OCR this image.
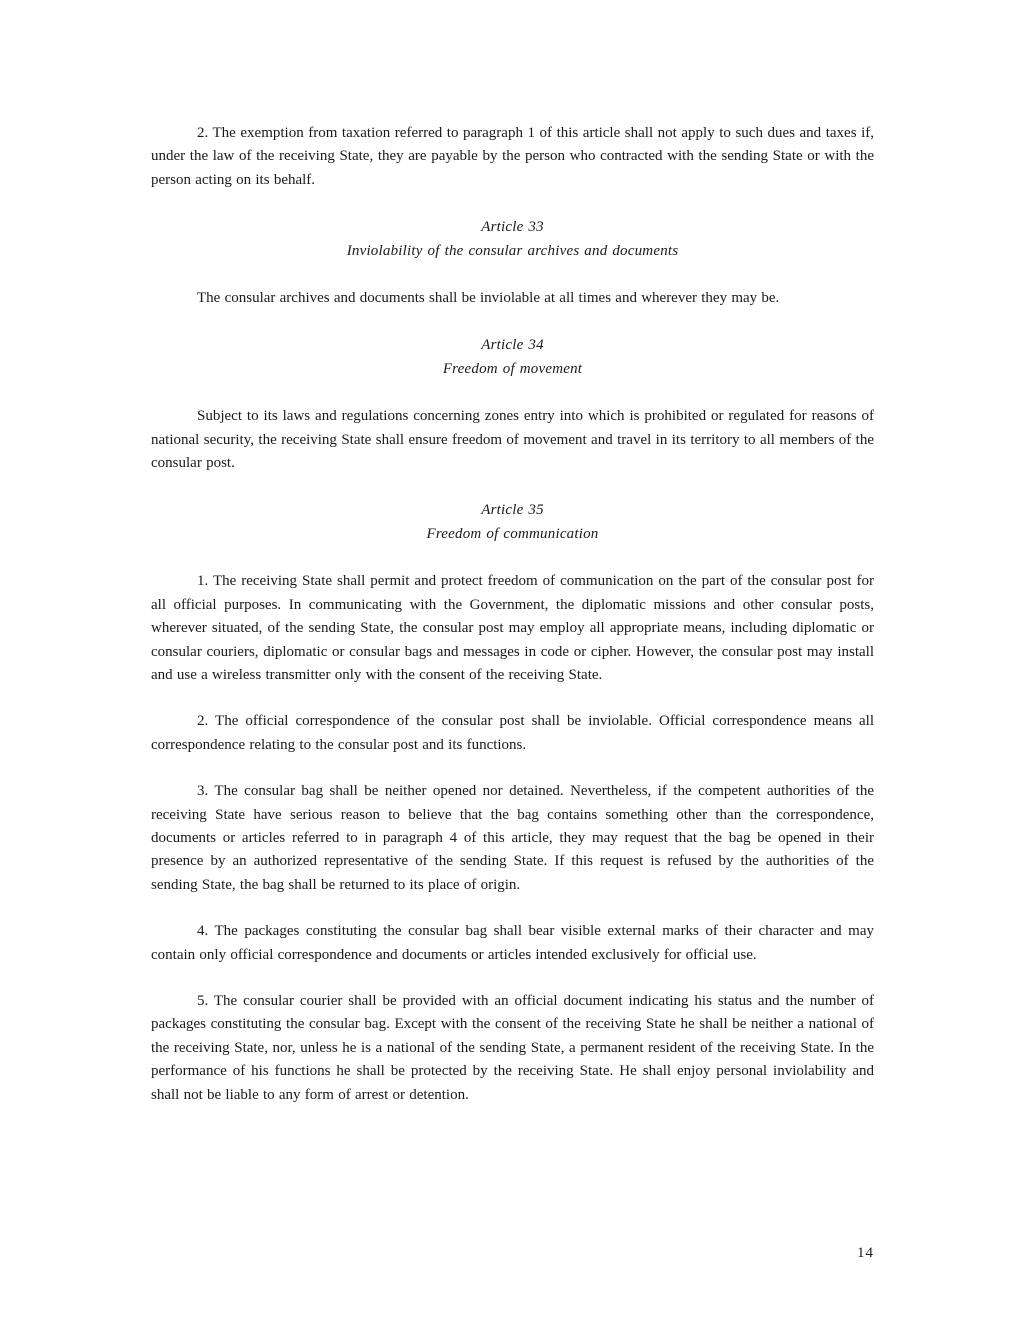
2. The exemption from taxation referred to paragraph 1 of this article shall not apply to such dues and taxes if, under the law of the receiving State, they are payable by the person who contracted with the sending State or with the person acting on its behalf.

Article 33

Inviolability of the consular archives and documents

The consular archives and documents shall be inviolable at all times and wherever they may be.

Article 34

Freedom of movement

Subject to its laws and regulations concerning zones entry into which is prohibited or regulated for reasons of national security, the receiving State shall ensure freedom of movement and travel in its territory to all members of the consular post.

Article 35

Freedom of communication

1. The receiving State shall permit and protect freedom of communication on the part of the consular post for all official purposes. In communicating with the Government, the diplomatic missions and other consular posts, wherever situated, of the sending State, the consular post may employ all appropriate means, including diplomatic or consular couriers, diplomatic or consular bags and messages in code or cipher. However, the consular post may install and use a wireless transmitter only with the consent of the receiving State.

2. The official correspondence of the consular post shall be inviolable. Official correspondence means all correspondence relating to the consular post and its functions.

3. The consular bag shall be neither opened nor detained. Nevertheless, if the competent authorities of the receiving State have serious reason to believe that the bag contains something other than the correspondence, documents or articles referred to in paragraph 4 of this article, they may request that the bag be opened in their presence by an authorized representative of the sending State. If this request is refused by the authorities of the sending State, the bag shall be returned to its place of origin.

4. The packages constituting the consular bag shall bear visible external marks of their character and may contain only official correspondence and documents or articles intended exclusively for official use.

5. The consular courier shall be provided with an official document indicating his status and the number of packages constituting the consular bag. Except with the consent of the receiving State he shall be neither a national of the receiving State, nor, unless he is a national of the sending State, a permanent resident of the receiving State. In the performance of his functions he shall be protected by the receiving State. He shall enjoy personal inviolability and shall not be liable to any form of arrest or detention.

14
